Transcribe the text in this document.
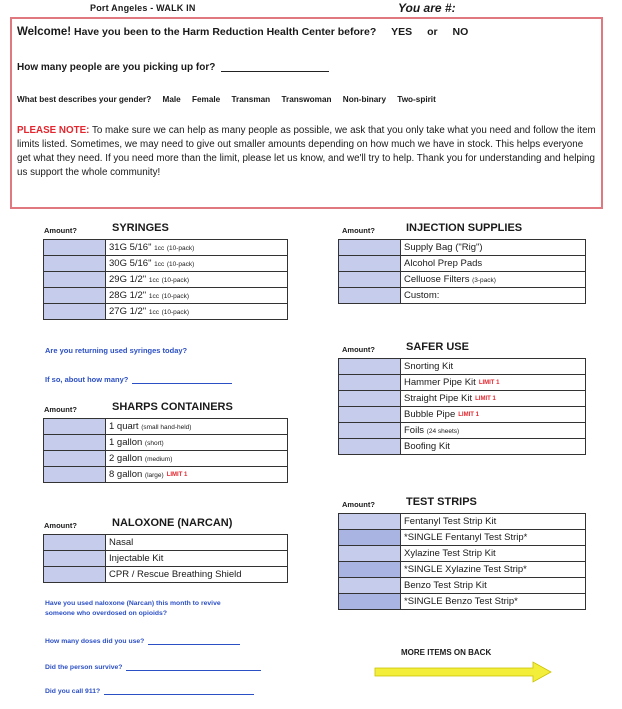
Port Angeles - WALK IN	You are #:
Welcome! Have you been to the Harm Reduction Health Center before? YES or NO
How many people are you picking up for?
What best describes your gender? Male Female Transman Transwoman Non-binary Two-spirit
PLEASE NOTE: To make sure we can help as many people as possible, we ask that you only take what you need and follow the item limits listed. Sometimes, we may need to give out smaller amounts depending on how much we have in stock. This helps everyone get what they need. If you need more than the limit, please let us know, and we'll try to help. Thank you for understanding and helping us support the whole community!
Amount?	SYRINGES
	31G 5/16" 1cc (10-pack)
	30G 5/16" 1cc (10-pack)
	29G 1/2" 1cc (10-pack)
	28G 1/2" 1cc (10-pack)
	27G 1/2" 1cc (10-pack)
Are you returning used syringes today?
If so, about how many?
Amount?	SHARPS CONTAINERS
	1 quart (small hand-held)
	1 gallon (short)
	2 gallon (medium)
	8 gallon (large) LIMIT 1
Amount?	NALOXONE (NARCAN)
	Nasal
	Injectable Kit
	CPR / Rescue Breathing Shield
Have you used naloxone (Narcan) this month to revive
someone who overdosed on opioids?
How many doses did you use?
Did the person survive?
Did you call 911?
Amount?	INJECTION SUPPLIES
	Supply Bag ("Rig")
	Alcohol Prep Pads
	Celluose Filters (3-pack)
	Custom:
Amount?	SAFER USE
	Snorting Kit
	Hammer Pipe Kit LIMIT 1
	Straight Pipe Kit LIMIT 1
	Bubble Pipe LIMIT 1
	Foils (24 sheets)
	Boofing Kit
Amount?	TEST STRIPS
	Fentanyl Test Strip Kit
	*SINGLE Fentanyl Test Strip*
	Xylazine Test Strip Kit
	*SINGLE Xylazine Test Strip*
	Benzo Test Strip Kit
	*SINGLE Benzo Test Strip*
MORE ITEMS ON BACK
